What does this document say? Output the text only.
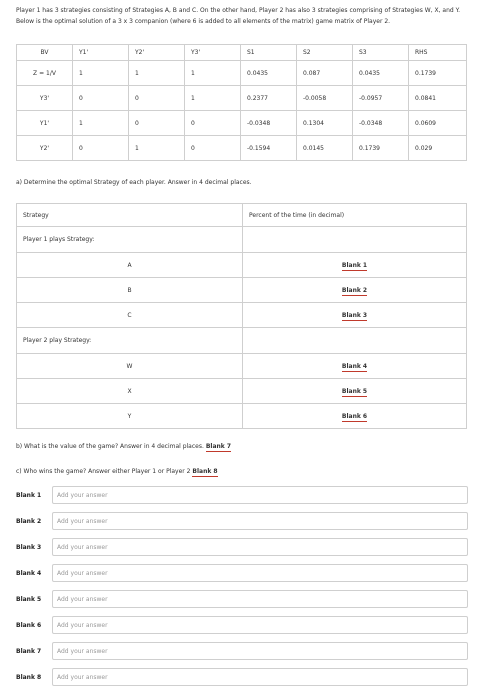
Player 1 has 3 strategies consisting of Strategies A, B and C. On the other hand, Player 2 has also 3 strategies comprising of Strategies W, X, and Y. Below is the optimal solution of a 3 x 3 companion (where 6 is added to all elements of the matrix) game matrix of Player 2.
BV	Y1'	Y2'	Y3'	S1	S2	S3	RHS
Z = 1/V	1	1	1	0.0435	0.087	0.0435	0.1739
Y3'	0	0	1	0.2377	-0.0058	-0.0957	0.0841
Y1'	1	0	0	-0.0348	0.1304	-0.0348	0.0609
Y2'	0	1	0	-0.1594	0.0145	0.1739	0.029
a) Determine the optimal Strategy of each player. Answer in 4 decimal places.
Strategy	Percent of the time (in decimal)
Player 1 plays Strategy:	
A	Blank 1
B	Blank 2
C	Blank 3
Player 2 play Strategy:	
W	Blank 4
X	Blank 5
Y	Blank 6
b) What is the value of the game? Answer in 4 decimal places. Blank 7
c) Who wins the game? Answer either Player 1 or Player 2 Blank 8
Blank 1
Add your answer
Blank 2
Add your answer
Blank 3
Add your answer
Blank 4
Add your answer
Blank 5
Add your answer
Blank 6
Add your answer
Blank 7
Add your answer
Blank 8
Add your answer
